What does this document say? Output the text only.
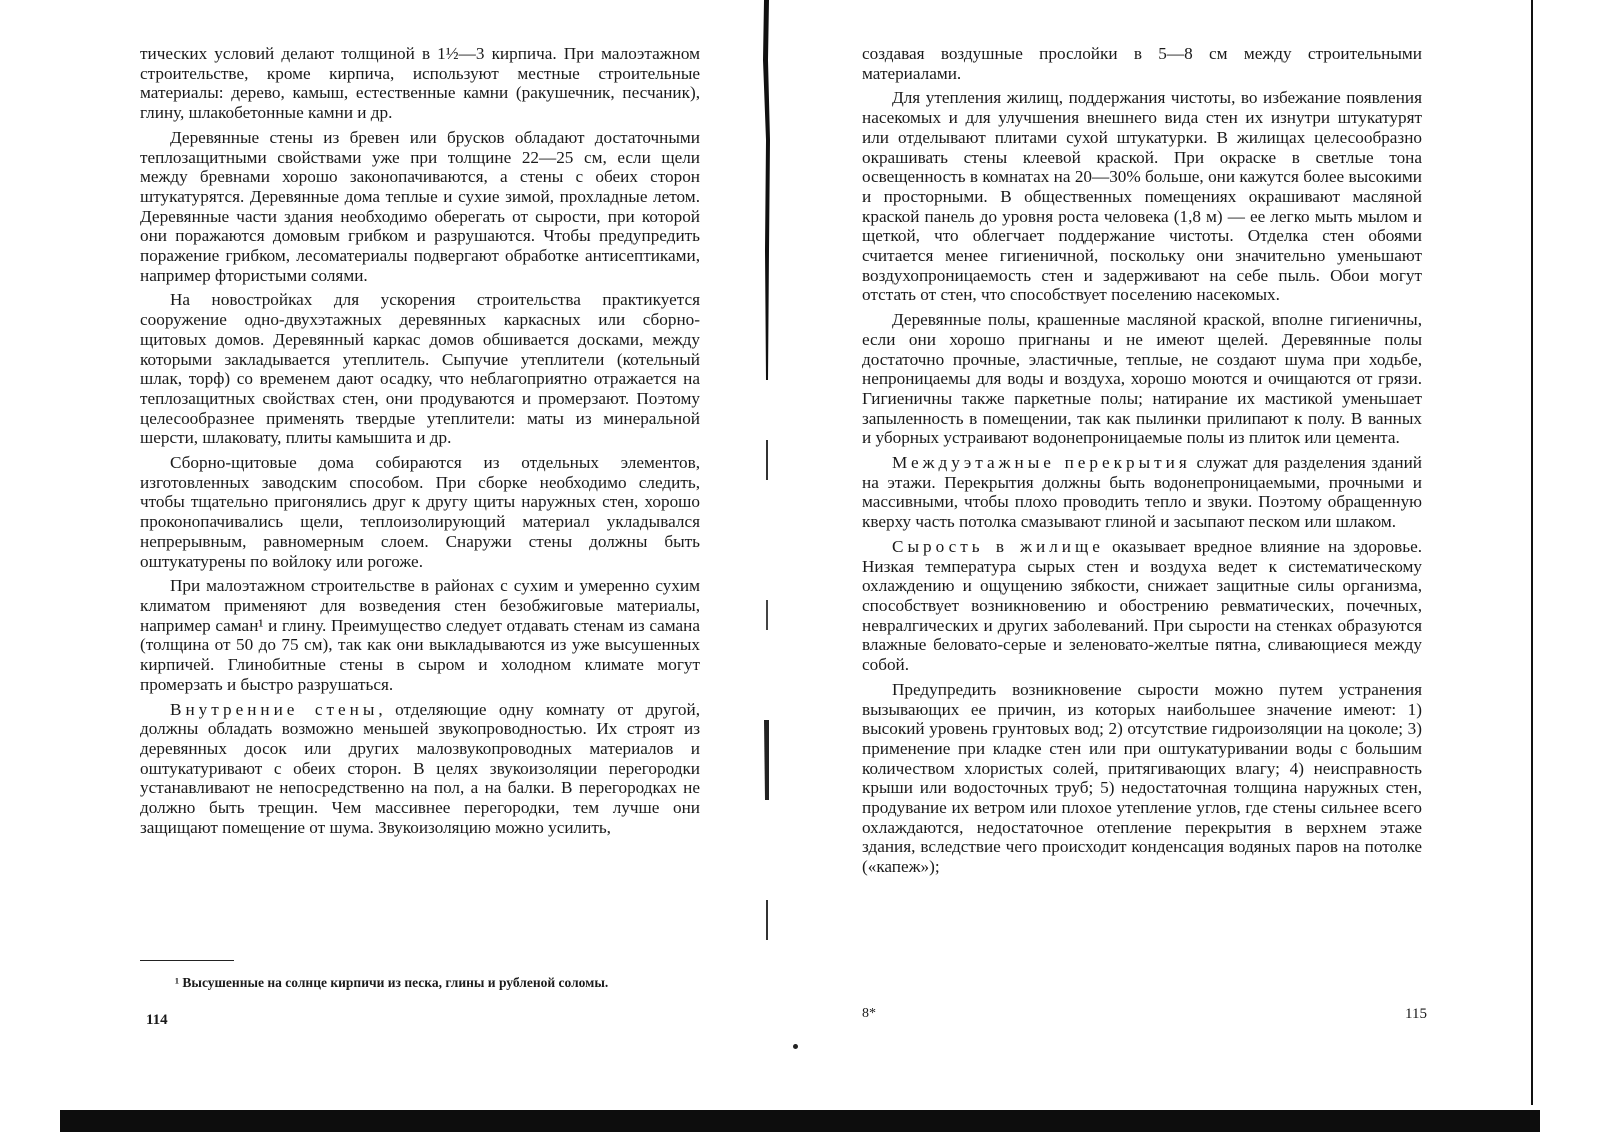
тических условий делают толщиной в 1½—3 кирпича. При малоэтажном строительстве, кроме кирпича, используют местные строительные материалы: дерево, камыш, естественные камни (ракушечник, песчаник), глину, шлакобетонные камни и др.

Деревянные стены из бревен или брусков обладают достаточными теплозащитными свойствами уже при толщине 22—25 см, если щели между бревнами хорошо законопачиваются, а стены с обеих сторон штукатурятся. Деревянные дома теплые и сухие зимой, прохладные летом. Деревянные части здания необходимо оберегать от сырости, при которой они поражаются домовым грибком и разрушаются. Чтобы предупредить поражение грибком, лесоматериалы подвергают обработке антисептиками, например фтористыми солями.

На новостройках для ускорения строительства практикуется сооружение одно-двухэтажных деревянных каркасных или сборно-щитовых домов. Деревянный каркас домов обшивается досками, между которыми закладывается утеплитель. Сыпучие утеплители (котельный шлак, торф) со временем дают осадку, что неблагоприятно отражается на теплозащитных свойствах стен, они продуваются и промерзают. Поэтому целесообразнее применять твердые утеплители: маты из минеральной шерсти, шлаковату, плиты камышита и др.

Сборно-щитовые дома собираются из отдельных элементов, изготовленных заводским способом. При сборке необходимо следить, чтобы тщательно пригонялись друг к другу щиты наружных стен, хорошо проконопачивались щели, теплоизолирующий материал укладывался непрерывным, равномерным слоем. Снаружи стены должны быть оштукатурены по войлоку или рогоже.

При малоэтажном строительстве в районах с сухим и умеренно сухим климатом применяют для возведения стен безобжиговые материалы, например саман¹ и глину. Преимущество следует отдавать стенам из самана (толщина от 50 до 75 см), так как они выкладываются из уже высушенных кирпичей. Глинобитные стены в сыром и холодном климате могут промерзать и быстро разрушаться.

Внутренние стены, отделяющие одну комнату от другой, должны обладать возможно меньшей звукопроводностью. Их строят из деревянных досок или других малозвукопроводных материалов и оштукатуривают с обеих сторон. В целях звукоизоляции перегородки устанавливают не непосредственно на пол, а на балки. В перегородках не должно быть трещин. Чем массивнее перегородки, тем лучше они защищают помещение от шума. Звукоизоляцию можно усилить,

¹ Высушенные на солнце кирпичи из песка, глины и рубленой соломы.
114

создавая воздушные прослойки в 5—8 см между строительными материалами.

Для утепления жилищ, поддержания чистоты, во избежание появления насекомых и для улучшения внешнего вида стен их изнутри штукатурят или отделывают плитами сухой штукатурки. В жилищах целесообразно окрашивать стены клеевой краской. При окраске в светлые тона освещенность в комнатах на 20—30% больше, они кажутся более высокими и просторными. В общественных помещениях окрашивают масляной краской панель до уровня роста человека (1,8 м) — ее легко мыть мылом и щеткой, что облегчает поддержание чистоты. Отделка стен обоями считается менее гигиеничной, поскольку они значительно уменьшают воздухопроницаемость стен и задерживают на себе пыль. Обои могут отстать от стен, что способствует поселению насекомых.

Деревянные полы, крашенные масляной краской, вполне гигиеничны, если они хорошо пригнаны и не имеют щелей. Деревянные полы достаточно прочные, эластичные, теплые, не создают шума при ходьбе, непроницаемы для воды и воздуха, хорошо моются и очищаются от грязи. Гигиеничны также паркетные полы; натирание их мастикой уменьшает запыленность в помещении, так как пылинки прилипают к полу. В ванных и уборных устраивают водонепроницаемые полы из плиток или цемента.

Междуэтажные перекрытия служат для разделения зданий на этажи. Перекрытия должны быть водонепроницаемыми, прочными и массивными, чтобы плохо проводить тепло и звуки. Поэтому обращенную кверху часть потолка смазывают глиной и засыпают песком или шлаком.

Сырость в жилище оказывает вредное влияние на здоровье. Низкая температура сырых стен и воздуха ведет к систематическому охлаждению и ощущению зябкости, снижает защитные силы организма, способствует возникновению и обострению ревматических, почечных, невралгических и других заболеваний. При сырости на стенках образуются влажные беловато-серые и зеленовато-желтые пятна, сливающиеся между собой.

Предупредить возникновение сырости можно путем устранения вызывающих ее причин, из которых наибольшее значение имеют: 1) высокий уровень грунтовых вод; 2) отсутствие гидроизоляции на цоколе; 3) применение при кладке стен или при оштукатуривании воды с большим количеством хлористых солей, притягивающих влагу; 4) неисправность крыши или водосточных труб; 5) недостаточная толщина наружных стен, продувание их ветром или плохое утепление углов, где стены сильнее всего охлаждаются, недостаточное отепление перекрытия в верхнем этаже здания, вследствие чего происходит конденсация водяных паров на потолке («капеж»);

8*	115
